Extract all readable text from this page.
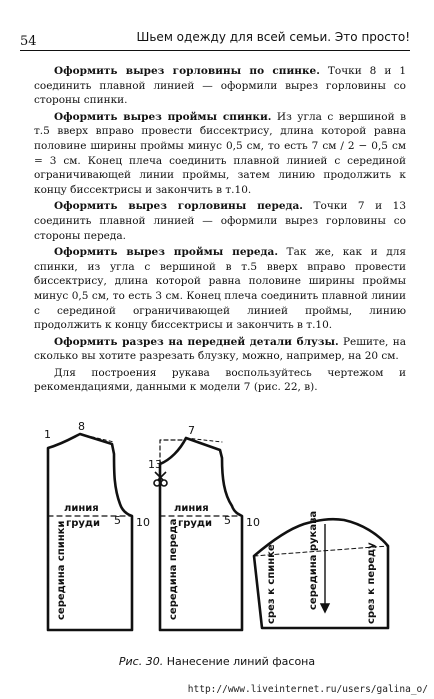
54	Шьем одежду для всей семьи. Это просто!

Оформить вырез горловины по спинке. Точки 8 и 1 соединить плавной линией — оформили вырез горловины со стороны спинки.

Оформить вырез проймы спинки. Из угла с вершиной в т.5 вверх вправо провести биссектрису, длина которой равна половине ширины проймы минус 0,5 см, то есть 7 см / 2 − 0,5 см = 3 см. Конец плеча соединить плавной линией с серединой ограничивающей линии проймы, затем линию продолжить к концу биссектрисы и закончить в т.10.

Оформить вырез горловины переда. Точки 7 и 13 соединить плавной линией — оформили вырез горловины со стороны переда.

Оформить вырез проймы переда. Так же, как и для спинки, из угла с вершиной в т.5 вверх вправо провести биссектрису, длина которой равна половине ширины проймы минус 0,5 см, то есть 3 см. Конец плеча соединить плавной линии с серединой ограничивающей линией проймы, линию продолжить к концу биссектрисы и закончить в т.10.

Оформить разрез на передней детали блузы. Решите, на сколько вы хотите разрезать блузку, можно, например, на 20 см.

Для построения рукава воспользуйтесь чертежом и рекомендациями, данными к модели 7 (рис. 22, в).

1
8
линия
груди 5 10
середина спинки
7
13
линия
груди 5 10
середина переда	середина рукава
срез к спинке	срез к переду
Рис. 30. Нанесение линий фасона
http://www.liveinternet.ru/users/galina_o/
